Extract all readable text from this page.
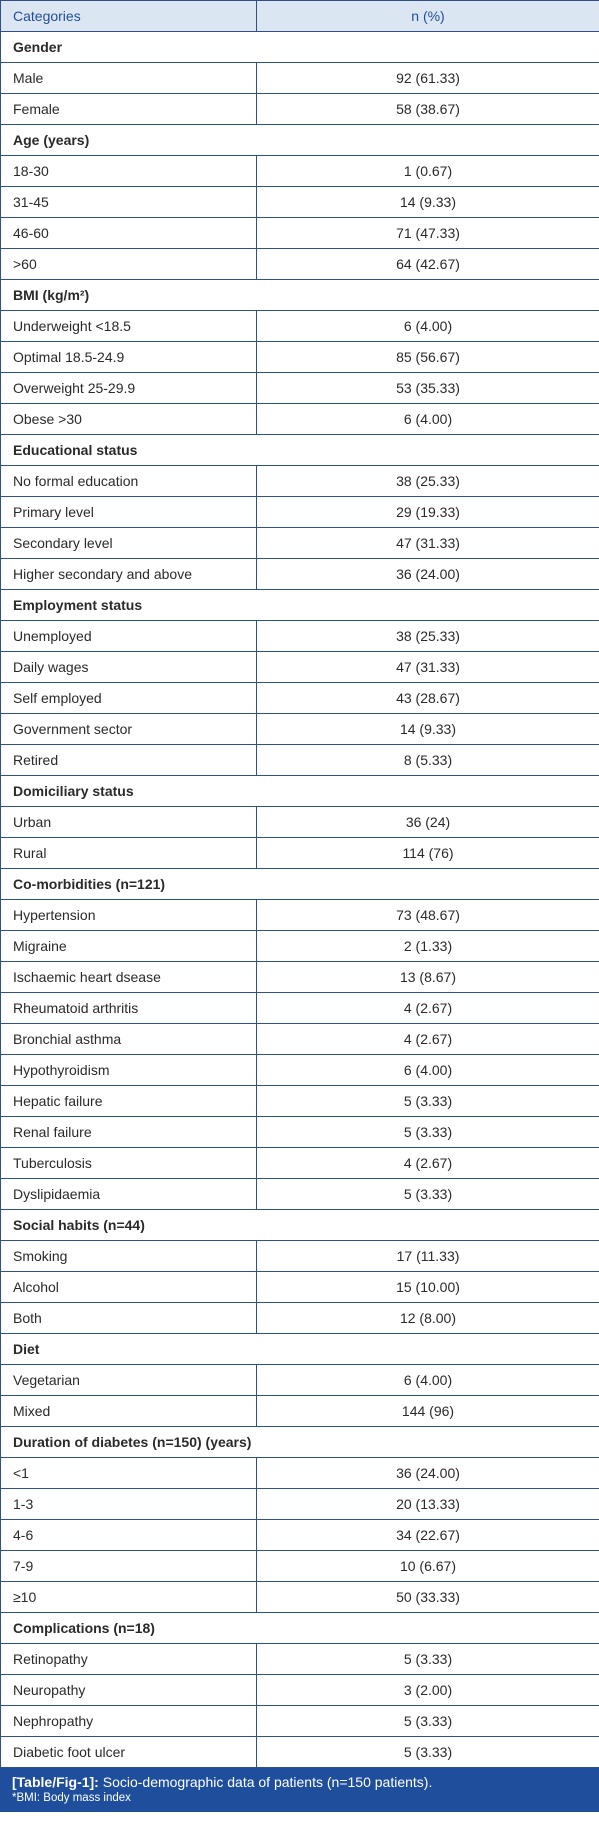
Categories	n (%)
Gender	
Male	92 (61.33)
Female	58 (38.67)
Age (years)	
18-30	1 (0.67)
31-45	14 (9.33)
46-60	71 (47.33)
>60	64 (42.67)
BMI (kg/m²)	
Underweight <18.5	6 (4.00)
Optimal 18.5-24.9	85 (56.67)
Overweight 25-29.9	53 (35.33)
Obese >30	6 (4.00)
Educational status	
No formal education	38 (25.33)
Primary level	29 (19.33)
Secondary level	47 (31.33)
Higher secondary and above	36 (24.00)
Employment status	
Unemployed	38 (25.33)
Daily wages	47 (31.33)
Self employed	43 (28.67)
Government sector	14 (9.33)
Retired	8 (5.33)
Domiciliary status	
Urban	36 (24)
Rural	114 (76)
Co-morbidities (n=121)	
Hypertension	73 (48.67)
Migraine	2 (1.33)
Ischaemic heart dsease	13 (8.67)
Rheumatoid arthritis	4 (2.67)
Bronchial asthma	4 (2.67)
Hypothyroidism	6 (4.00)
Hepatic failure	5 (3.33)
Renal failure	5 (3.33)
Tuberculosis	4 (2.67)
Dyslipidaemia	5 (3.33)
Social habits (n=44)	
Smoking	17 (11.33)
Alcohol	15 (10.00)
Both	12 (8.00)
Diet	
Vegetarian	6 (4.00)
Mixed	144 (96)
Duration of diabetes (n=150) (years)	
<1	36 (24.00)
1-3	20 (13.33)
4-6	34 (22.67)
7-9	10 (6.67)
≥10	50 (33.33)
Complications (n=18)	
Retinopathy	5 (3.33)
Neuropathy	3 (2.00)
Nephropathy	5 (3.33)
Diabetic foot ulcer	5 (3.33)
[Table/Fig-1]: Socio-demographic data of patients (n=150 patients).
*BMI: Body mass index
